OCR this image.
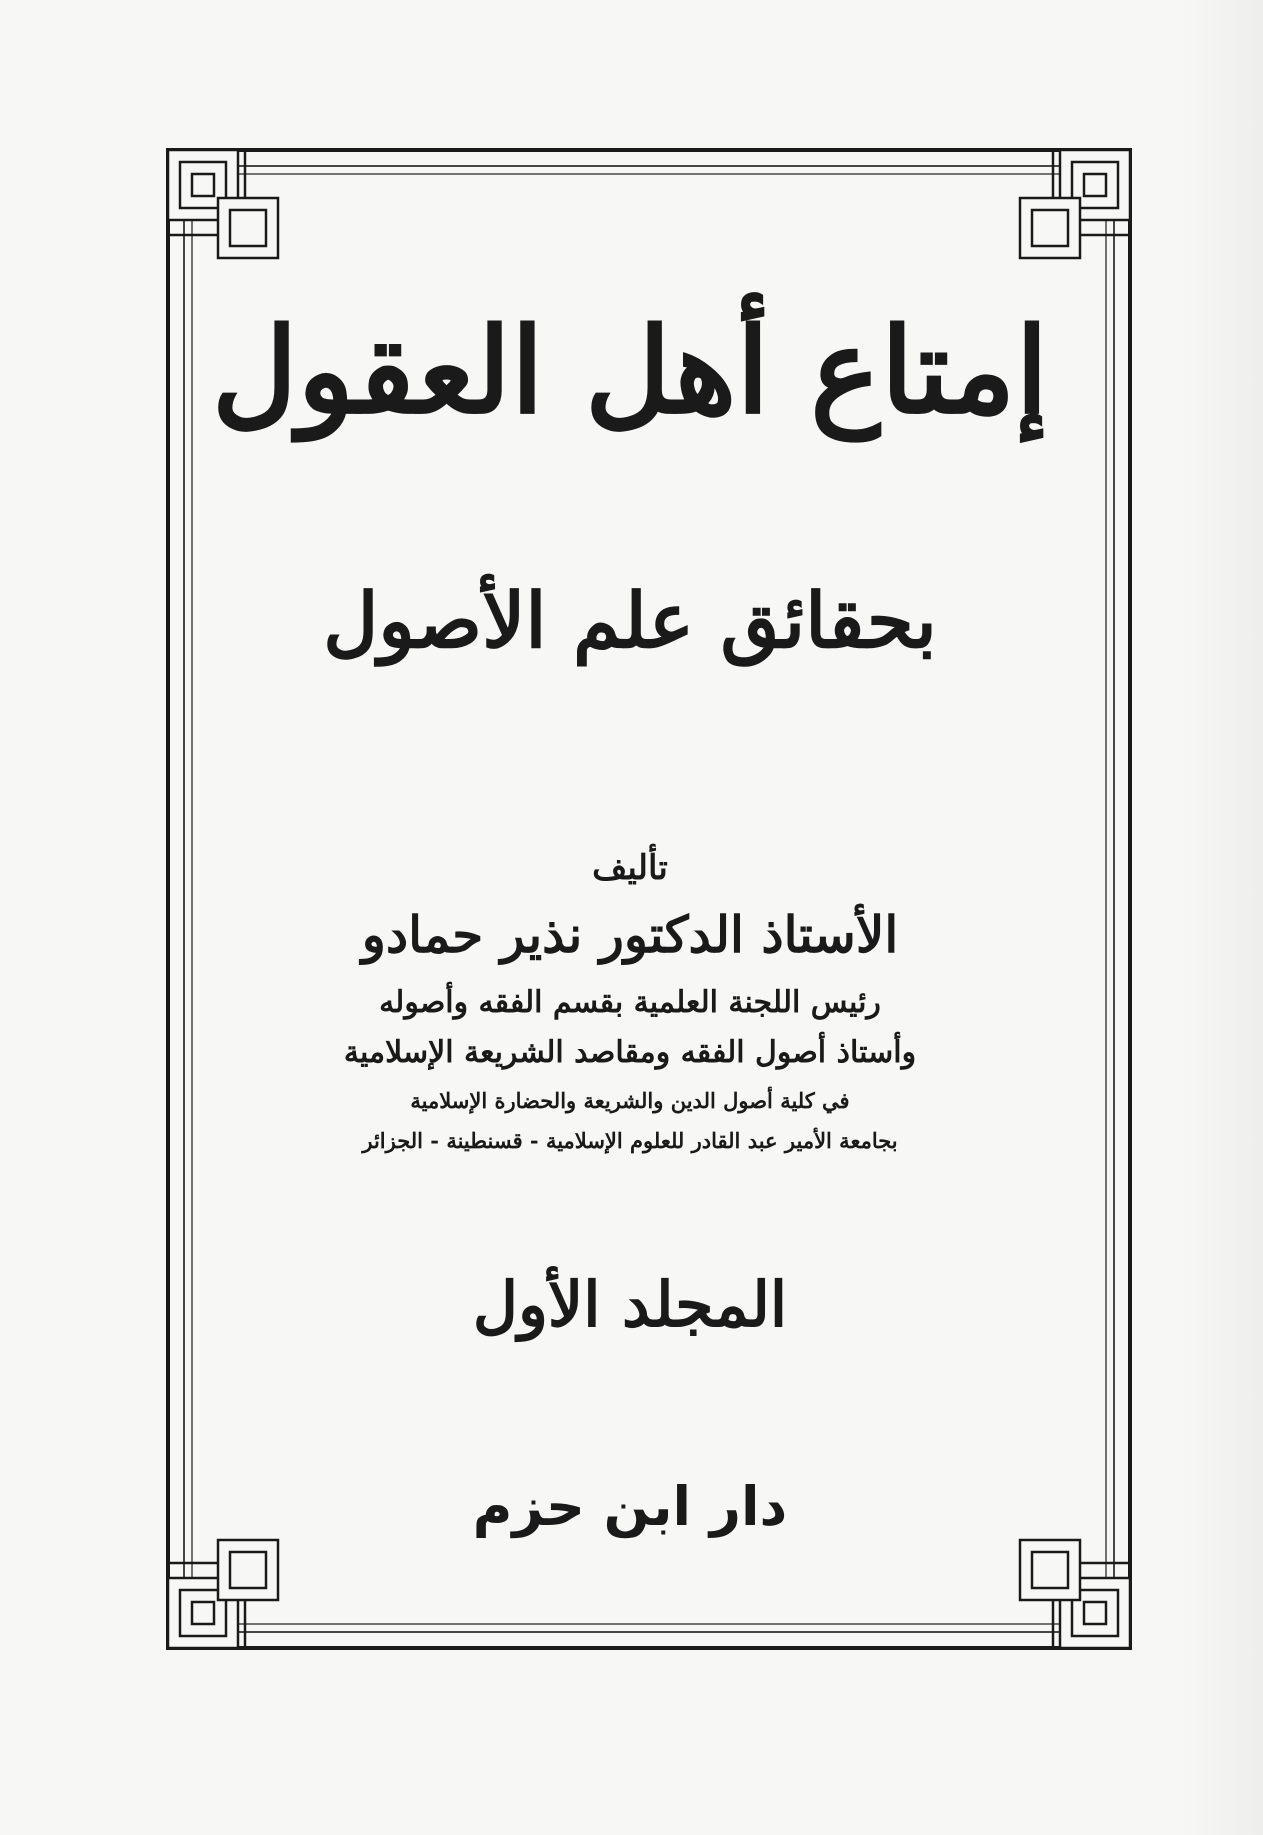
إمتاع أهل العقول
بحقائق علم الأصول
تأليف
الأستاذ الدكتور نذير حمادو
رئيس اللجنة العلمية بقسم الفقه وأصوله
وأستاذ أصول الفقه ومقاصد الشريعة الإسلامية
في كلية أصول الدين والشريعة والحضارة الإسلامية
بجامعة الأمير عبد القادر للعلوم الإسلامية - قسنطينة - الجزائر
المجلد الأول
دار ابن حزم
